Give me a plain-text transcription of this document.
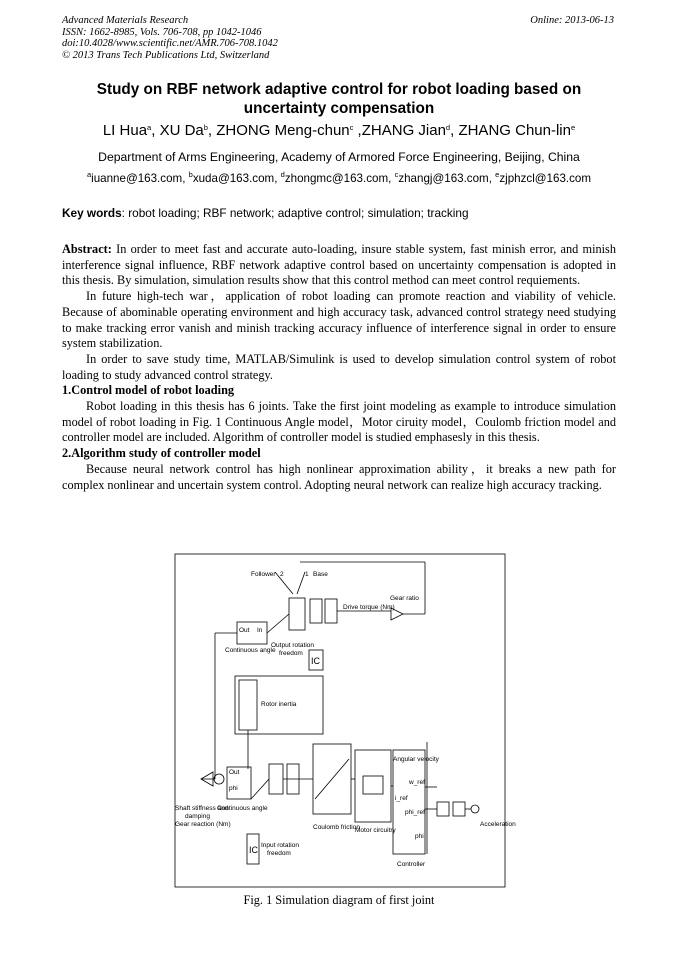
Advanced Materials Research
ISSN: 1662-8985, Vols. 706-708, pp 1042-1046
doi:10.4028/www.scientific.net/AMR.706-708.1042
© 2013 Trans Tech Publications Ltd, Switzerland
Online: 2013-06-13
Study on RBF network adaptive control for robot loading based on uncertainty compensation
LI Hua$^a$, XU Da$^b$, ZHONG Meng-chun$^c$ ,ZHANG Jian$^d$, ZHANG Chun-lin$^e$
Department of Arms Engineering, Academy of Armored Force Engineering, Beijing, China
$^a$iuanne@163.com, $^b$xuda@163.com, $^d$zhongmc@163.com, $^c$zhangj@163.com, $^e$zjphzcl@163.com
Key words: robot loading; RBF network; adaptive control; simulation; tracking

Abstract: In order to meet fast and accurate auto-loading, insure stable system, fast minish error, and minish interference signal influence, RBF network adaptive control based on uncertainty compensation is adopted in this thesis. By simulation, simulation results show that this control method can meet control requiements.

In future high-tech war，application of robot loading can promote reaction and viability of vehicle. Because of abominable operating environment and high accuracy task, advanced control strategy need studying to make tracking error vanish and minish tracking accuracy influence of interference signal in order to ensure system stabilization.

In order to save study time, MATLAB/Simulink is used to develop simulation control system of robot loading to study advanced control strategy.

1.Control model of robot loading

Robot loading in this thesis has 6 joints. Take the first joint modeling as example to introduce simulation model of robot loading in Fig. 1 Continuous Angle model，Motor ciruity model，Coulomb friction model and controller model are included. Algorithm of controller model is studied emphasesly in this thesis.

2.Algorithm study of controller model

Because neural network control has high nonlinear approximation ability，it breaks a new path for complex nonlinear and uncertain system control. Adopting neural network can realize high accuracy tracking.

Follower 2	1 Base
Gear ratio
Drive torque (Nm)
Out In
Continuous angle
Output rotation
freedom
IC
Rotor inertia
Out
phi
Shaft stiffness and
damping
Gear reaction (Nm)
Continuous angle
Input rotation
freedom
IC
Coulomb friction
Motor circuitry
Angular velocity
w_ref
i_ref
phi_ref
phi
Controller
Acceleration
Fig. 1 Simulation diagram of first joint
